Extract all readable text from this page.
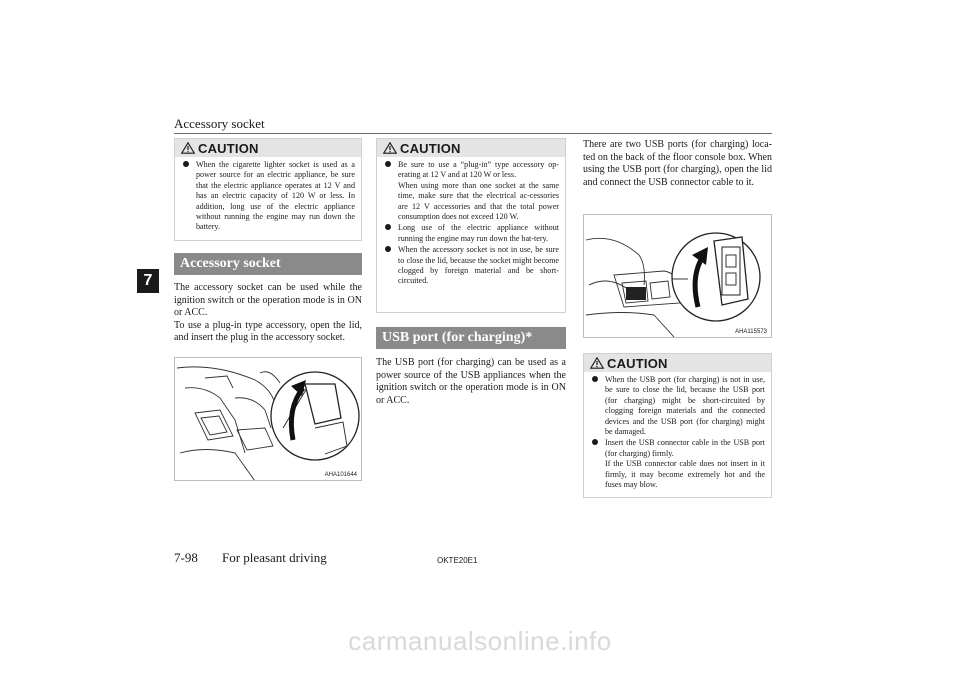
Accessory socket
7
CAUTION
When the cigarette lighter socket is used as a power source for an electric appliance, be sure that the electric appliance operates at 12 V and has an electric capacity of 120 W or less. In addition, long use of the electric appliance without running the engine may run down the battery.
Accessory socket
The accessory socket can be used while the ignition switch or the operation mode is in ON or ACC.
To use a plug-in type accessory, open the lid, and insert the plug in the accessory socket.
AHA101644
CAUTION
Be sure to use a “plug-in” type accessory op-erating at 12 V and at 120 W or less.
When using more than one socket at the same time, make sure that the electrical ac-cessories are 12 V accessories and that the total power consumption does not exceed 120 W.
Long use of the electric appliance without running the engine may run down the bat-tery.
When the accessory socket is not in use, be sure to close the lid, because the socket might become clogged by foreign material and be short-circuited.
USB port (for charging)*
The USB port (for charging) can be used as a power source of the USB appliances when the ignition switch or the operation mode is in ON or ACC.
There are two USB ports (for charging) loca-ted on the back of the floor console box. When using the USB port (for charging), open the lid and connect the USB connector cable to it.
AHA115573
CAUTION
When the USB port (for charging) is not in use, be sure to close the lid, because the USB port (for charging) might be short-circuited by clogging foreign materials and the connected devices and the USB port (for charging) might be damaged.
Insert the USB connector cable in the USB port (for charging) firmly.
If the USB connector cable does not insert in it firmly, it may become extremely hot and the fuses may blow.
7-98 For pleasant driving	OKTE20E1
carmanualsonline.info
